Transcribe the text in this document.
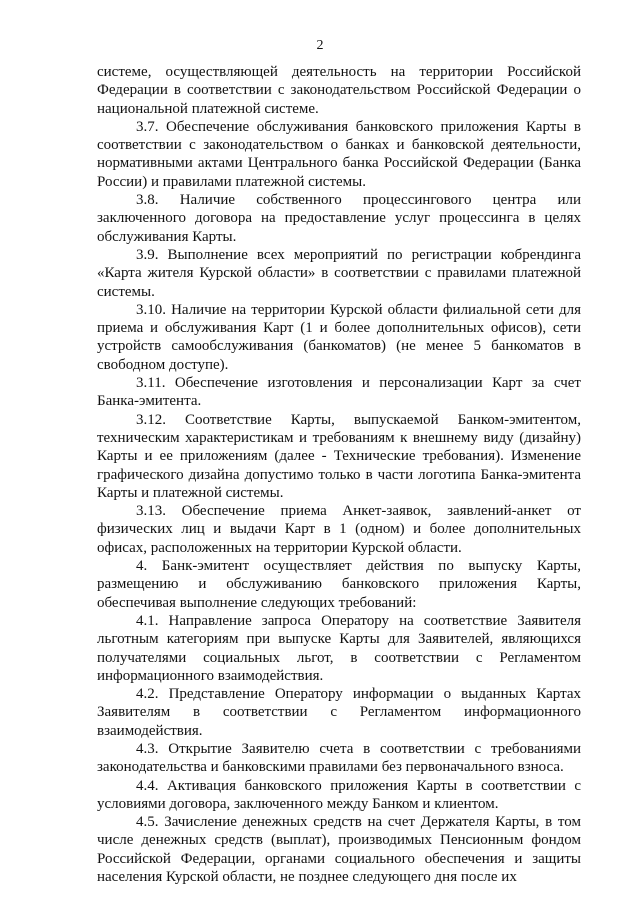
2

системе, осуществляющей деятельность на территории Российской Федерации в соответствии с законодательством Российской Федерации о национальной платежной системе.

3.7. Обеспечение обслуживания банковского приложения Карты в соответствии с законодательством о банках и банковской деятельности, нормативными актами Центрального банка Российской Федерации (Банка России) и правилами платежной системы.

3.8. Наличие собственного процессингового центра или заключенного договора на предоставление услуг процессинга в целях обслуживания Карты.

3.9. Выполнение всех мероприятий по регистрации кобрендинга «Карта жителя Курской области» в соответствии с правилами платежной системы.

3.10. Наличие на территории Курской области филиальной сети для приема и обслуживания Карт (1 и более дополнительных офисов), сети устройств самообслуживания (банкоматов) (не менее 5 банкоматов в свободном доступе).

3.11. Обеспечение изготовления и персонализации Карт за счет Банка-эмитента.

3.12. Соответствие Карты, выпускаемой Банком-эмитентом, техническим характеристикам и требованиям к внешнему виду (дизайну) Карты и ее приложениям (далее - Технические требования). Изменение графического дизайна допустимо только в части логотипа Банка-эмитента Карты и платежной системы.

3.13. Обеспечение приема Анкет-заявок, заявлений-анкет от физических лиц и выдачи Карт в 1 (одном) и более дополнительных офисах, расположенных на территории Курской области.

4. Банк-эмитент осуществляет действия по выпуску Карты, размещению и обслуживанию банковского приложения Карты, обеспечивая выполнение следующих требований:

4.1. Направление запроса Оператору на соответствие Заявителя льготным категориям при выпуске Карты для Заявителей, являющихся получателями социальных льгот, в соответствии с Регламентом информационного взаимодействия.

4.2. Представление Оператору информации о выданных Картах Заявителям в соответствии с Регламентом информационного взаимодействия.

4.3. Открытие Заявителю счета в соответствии с требованиями законодательства и банковскими правилами без первоначального взноса.

4.4. Активация банковского приложения Карты в соответствии с условиями договора, заключенного между Банком и клиентом.

4.5. Зачисление денежных средств на счет Держателя Карты, в том числе денежных средств (выплат), производимых Пенсионным фондом Российской Федерации, органами социального обеспечения и защиты населения Курской области, не позднее следующего дня после их
